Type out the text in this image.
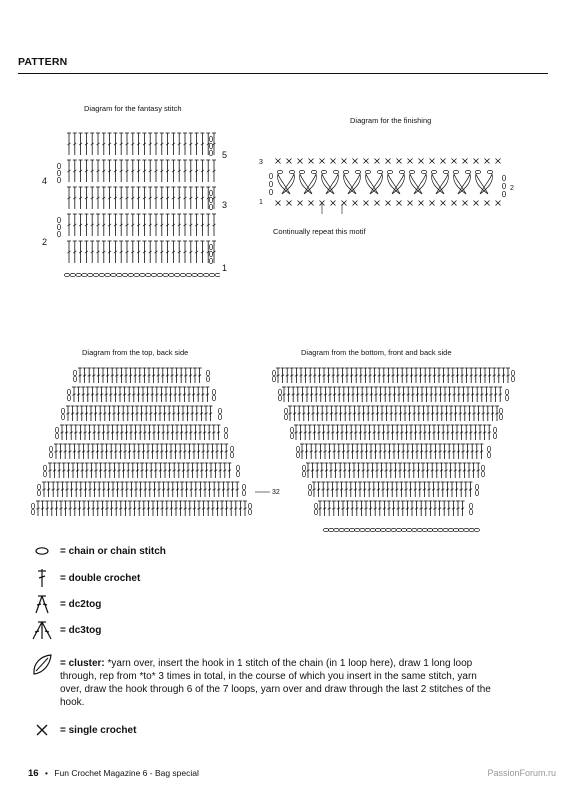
PATTERN
Diagram for the fantasy stitch
5
3
1
4
2
Diagram for the finishing
3
1
2
Continually repeat this motif
Diagram from the top, back side
32
Diagram from the bottom, front and back side
= chain or chain stitch
= double crochet
= dc2tog
= dc3tog
= cluster: *yarn over, insert the hook in 1 stitch of the chain (in 1 loop here), draw 1 long loop through, rep from *to* 3 times in total, in the course of which you insert in the same stitch, yarn over, draw the hook through 6 of the 7 loops, yarn over and draw through the last 2 stitches of the hook.
= single crochet
16 • Fun Crochet Magazine 6 - Bag special	PassionForum.ru
